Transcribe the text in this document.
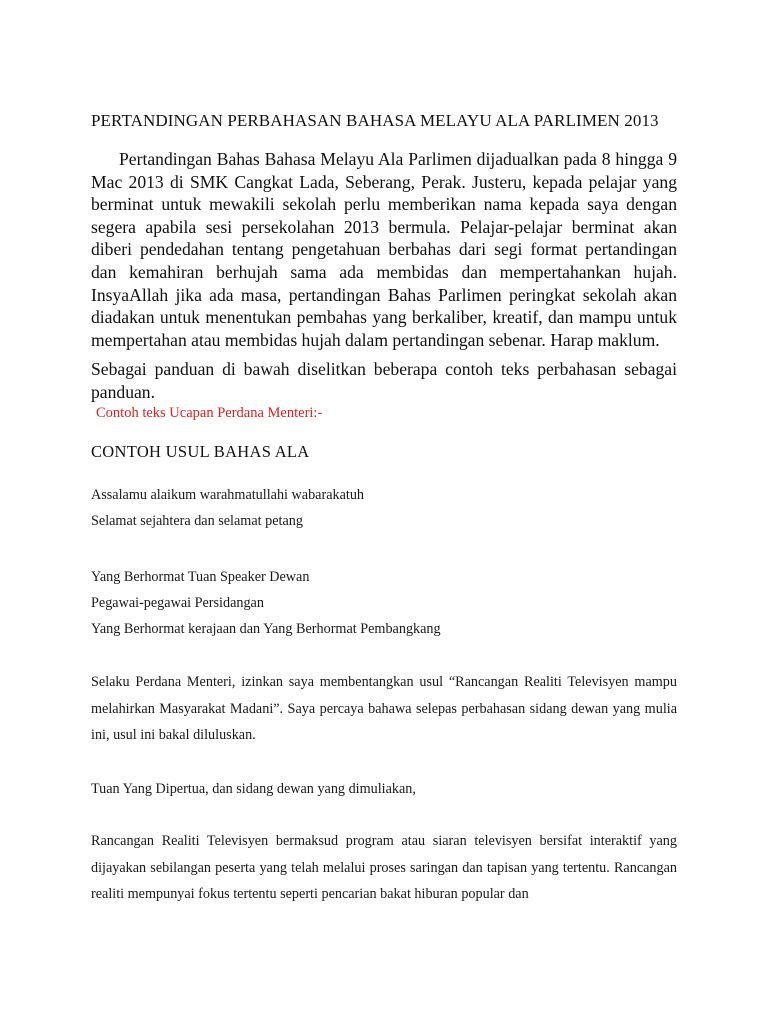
PERTANDINGAN PERBAHASAN BAHASA MELAYU ALA PARLIMEN 2013

Pertandingan Bahas Bahasa Melayu Ala Parlimen dijadualkan pada 8 hingga 9 Mac 2013 di SMK Cangkat Lada, Seberang, Perak. Justeru, kepada pelajar yang berminat untuk mewakili sekolah perlu memberikan nama kepada saya dengan segera apabila sesi persekolahan 2013 bermula. Pelajar-pelajar berminat akan diberi pendedahan tentang pengetahuan berbahas dari segi format pertandingan dan kemahiran berhujah sama ada membidas dan mempertahankan hujah. InsyaAllah jika ada masa, pertandingan Bahas Parlimen peringkat sekolah akan diadakan untuk menentukan pembahas yang berkaliber, kreatif, dan mampu untuk mempertahan atau membidas hujah dalam pertandingan sebenar. Harap maklum.

Sebagai panduan di bawah diselitkan beberapa contoh teks perbahasan sebagai panduan.

Contoh teks Ucapan Perdana Menteri:-
CONTOH USUL BAHAS ALA
Assalamu alaikum warahmatullahi wabarakatuh
Selamat sejahtera dan selamat petang
Yang Berhormat Tuan Speaker Dewan
Pegawai-pegawai Persidangan
Yang Berhormat kerajaan dan Yang Berhormat Pembangkang

Selaku Perdana Menteri, izinkan saya membentangkan usul “Rancangan Realiti Televisyen mampu melahirkan Masyarakat Madani”. Saya percaya bahawa selepas perbahasan sidang dewan yang mulia ini, usul ini bakal diluluskan.

Tuan Yang Dipertua, dan sidang dewan yang dimuliakan,

Rancangan Realiti Televisyen bermaksud program atau siaran televisyen bersifat interaktif yang dijayakan sebilangan peserta yang telah melalui proses saringan dan tapisan yang tertentu. Rancangan realiti mempunyai fokus tertentu seperti pencarian bakat hiburan popular dan
